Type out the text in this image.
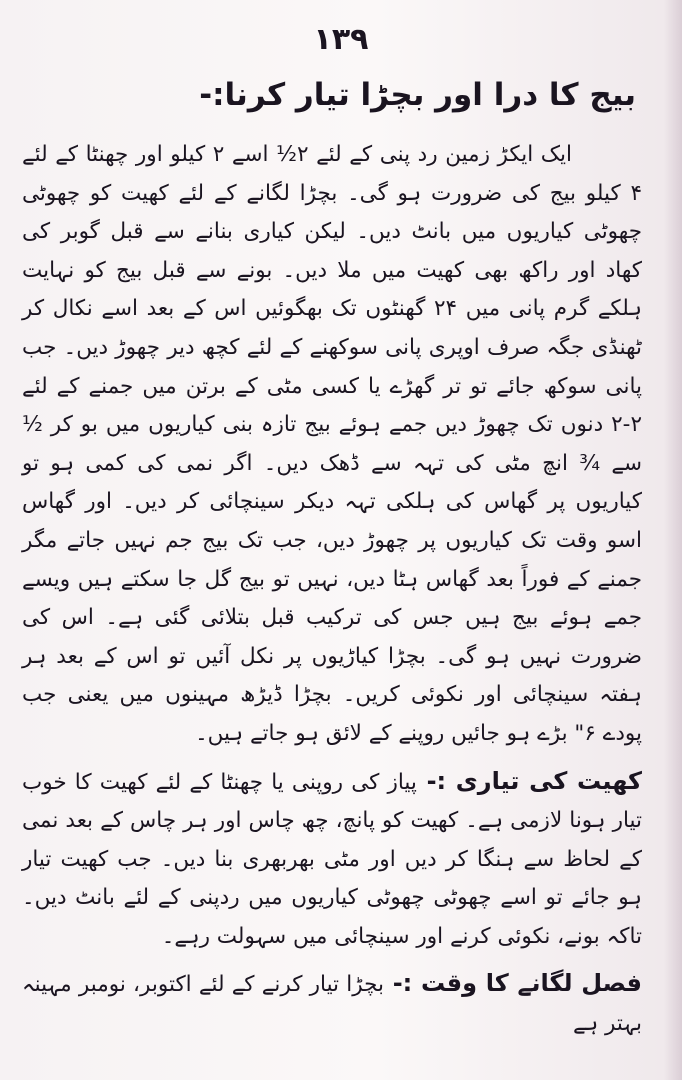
۱۳۹
بیج کا درا اور بچڑا تیار کرنا:-

ایک ایکڑ زمین رد پنی کے لئے ۲½ اسے ۲ کیلو اور چھنٹا کے لئے ۴ کیلو بیج کی ضرورت ہو گی۔ بچڑا لگانے کے لئے کھیت کو چھوٹی چھوٹی کیاریوں میں بانٹ دیں۔ لیکن کیاری بنانے سے قبل گوبر کی کھاد اور راکھ بھی کھیت میں ملا دیں۔ بونے سے قبل بیج کو نہایت ہلکے گرم پانی میں ۲۴ گھنٹوں تک بھگوئیں اس کے بعد اسے نکال کر ٹھنڈی جگہ صرف اوپری پانی سوکھنے کے لئے کچھ دیر چھوڑ دیں۔ جب پانی سوکھ جائے تو تر گھڑے یا کسی مٹی کے برتن میں جمنے کے لئے ۲-۲ دنوں تک چھوڑ دیں جمے ہوئے بیج تازہ بنی کیاریوں میں بو کر ½ سے ¾ انچ مٹی کی تہہ سے ڈھک دیں۔ اگر نمی کی کمی ہو تو کیاریوں پر گھاس کی ہلکی تہہ دیکر سینچائی کر دیں۔ اور گھاس اسو وقت تک کیاریوں پر چھوڑ دیں، جب تک بیج جم نہیں جاتے مگر جمنے کے فوراً بعد گھاس ہٹا دیں، نہیں تو بیج گل جا سکتے ہیں ویسے جمے ہوئے بیج ہیں جس کی ترکیب قبل بتلائی گئی ہے۔ اس کی ضرورت نہیں ہو گی۔ بچڑا کیاڑیوں پر نکل آئیں تو اس کے بعد ہر ہفتہ سینچائی اور نکوئی کریں۔ بچڑا ڈیڑھ مہینوں میں یعنی جب پودے ۶" بڑے ہو جائیں روپنے کے لائق ہو جاتے ہیں۔

کھیت کی تیاری :-پیاز کی روپنی یا چھنٹا کے لئے کھیت کا خوب تیار ہونا لازمی ہے۔ کھیت کو پانچ، چھ چاس اور ہر چاس کے بعد نمی کے لحاظ سے ہنگا کر دیں اور مٹی بھربھری بنا دیں۔ جب کھیت تیار ہو جائے تو اسے چھوٹی چھوٹی کیاریوں میں ردپنی کے لئے بانٹ دیں۔ تاکہ بونے، نکوئی کرنے اور سینچائی میں سہولت رہے۔
فصل لگانے کا وقت :-بچڑا تیار کرنے کے لئے اکتوبر، نومبر مہینہ بہتر ہے
